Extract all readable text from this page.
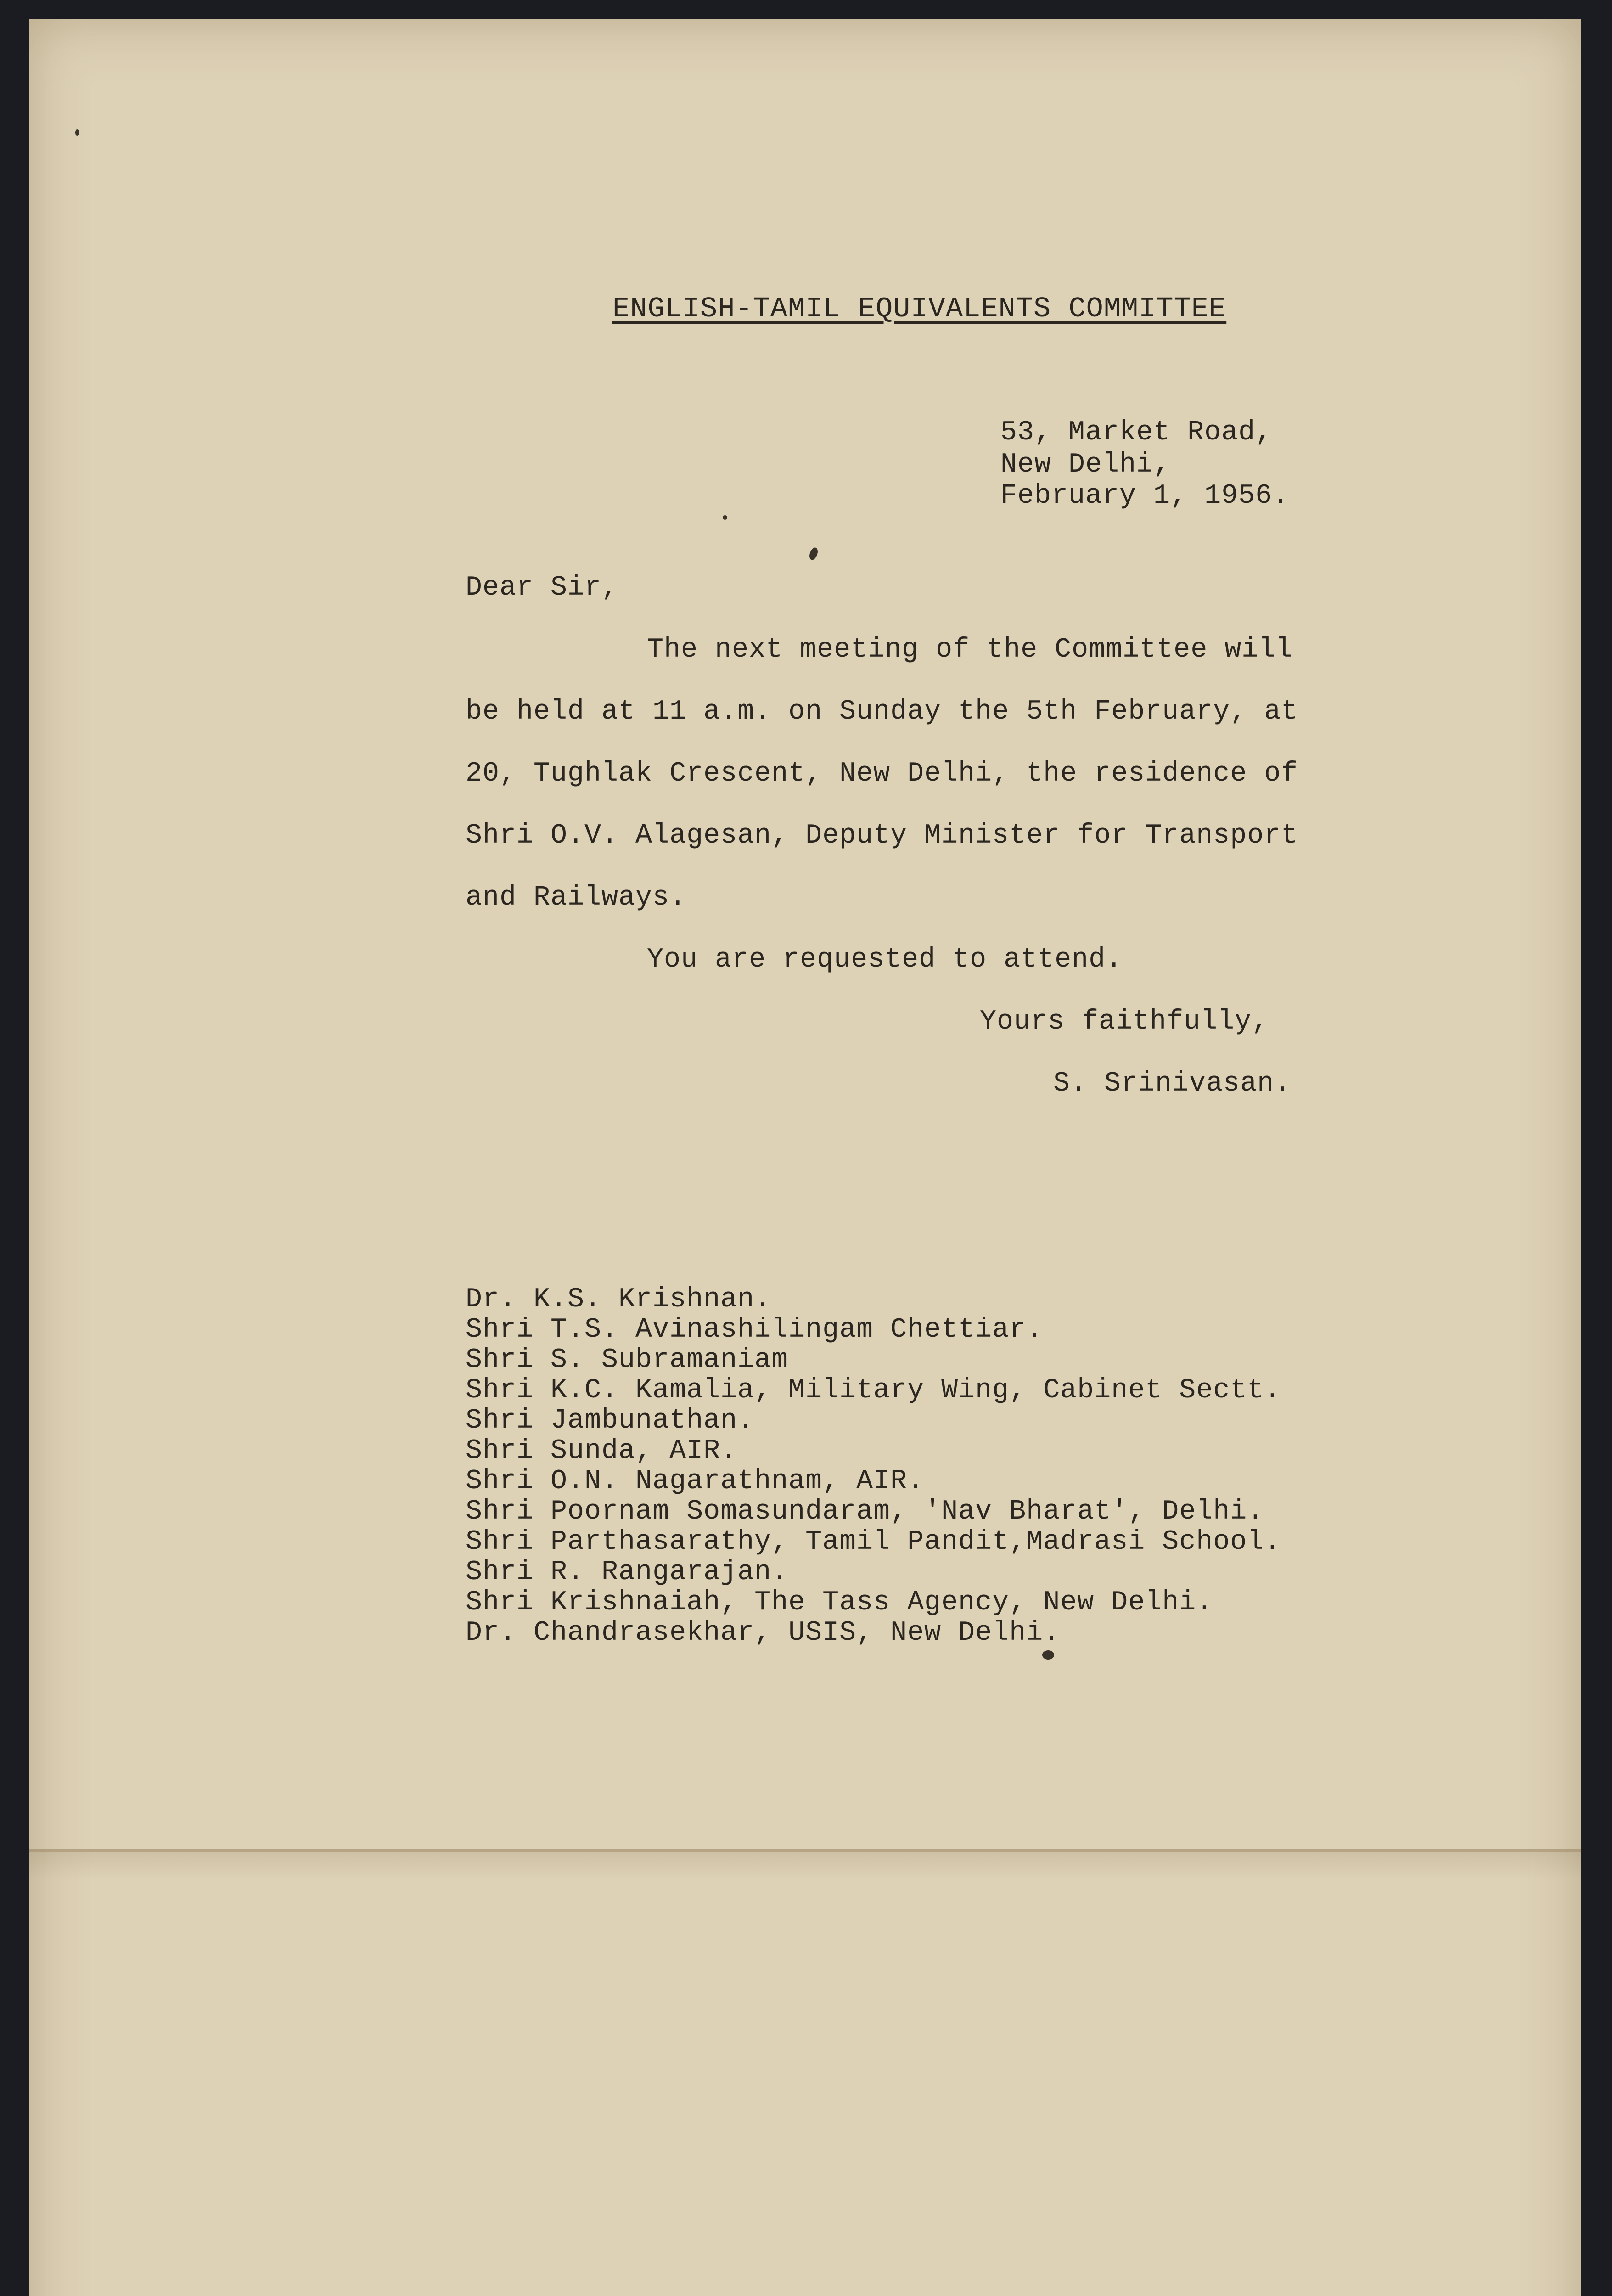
ENGLISH-TAMIL EQUIVALENTS COMMITTEE
53, Market Road,
New Delhi,
February 1, 1956.
Dear Sir,
The next meeting of the Committee will
be held at 11 a.m. on Sunday the 5th February, at
20, Tughlak Crescent, New Delhi, the residence of
Shri O.V. Alagesan, Deputy Minister for Transport
and Railways.
You are requested to attend.
Yours faithfully,
S. Srinivasan.
Dr. K.S. Krishnan.
Shri T.S. Avinashilingam Chettiar.
Shri S. Subramaniam
Shri K.C. Kamalia, Military Wing, Cabinet Sectt.
Shri Jambunathan.
Shri Sunda, AIR.
Shri O.N. Nagarathnam, AIR.
Shri Poornam Somasundaram, 'Nav Bharat', Delhi.
Shri Parthasarathy, Tamil Pandit,Madrasi School.
Shri R. Rangarajan.
Shri Krishnaiah, The Tass Agency, New Delhi.
Dr. Chandrasekhar, USIS, New Delhi.
